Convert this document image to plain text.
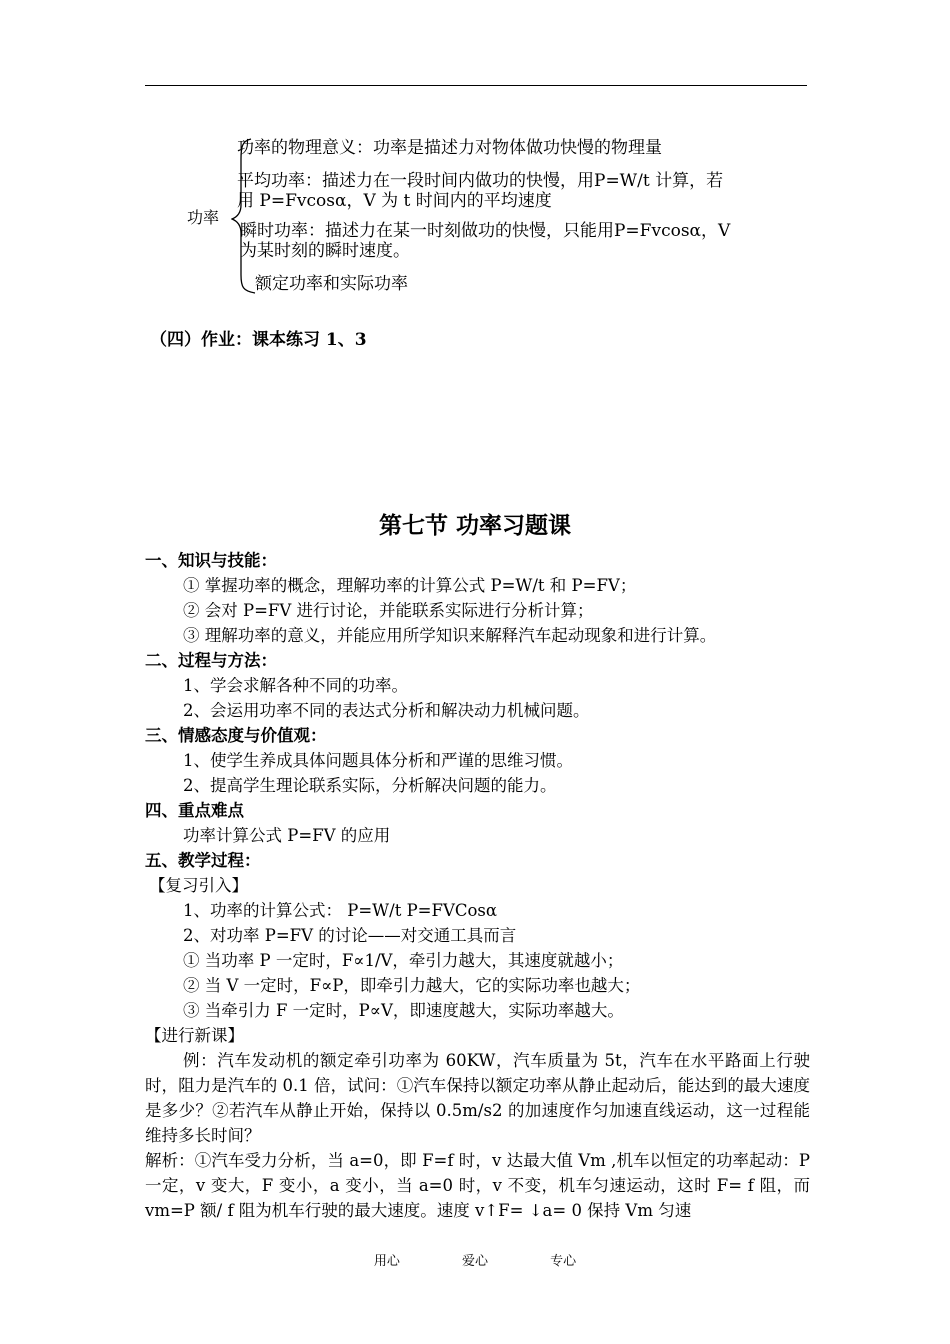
功率
功率的物理意义：功率是描述力对物体做功快慢的物理量
平均功率：描述力在一段时间内做功的快慢，用P=W/t 计算，若
用 P=Fvcosα，V 为 t 时间内的平均速度
瞬时功率：描述力在某一时刻做功的快慢，只能用P=Fvcosα，V
为某时刻的瞬时速度。
额定功率和实际功率
（四）作业：课本练习 1、3
第七节 功率习题课
一、知识与技能：
① 掌握功率的概念，理解功率的计算公式 P=W/t 和 P=FV；
② 会对 P=FV 进行讨论，并能联系实际进行分析计算；
③ 理解功率的意义，并能应用所学知识来解释汽车起动现象和进行计算。
二、过程与方法：
1、学会求解各种不同的功率。
2、会运用功率不同的表达式分析和解决动力机械问题。
三、情感态度与价值观：
1、使学生养成具体问题具体分析和严谨的思维习惯。
2、提高学生理论联系实际，分析解决问题的能力。
四、重点难点
功率计算公式 P=FV 的应用
五、教学过程：
【复习引入】
1、功率的计算公式： P=W/t P=FVCosα
2、对功率 P=FV 的讨论——对交通工具而言
① 当功率 P 一定时，F∝1/V，牵引力越大，其速度就越小；
② 当 V 一定时，F∝P，即牵引力越大，它的实际功率也越大；
③ 当牵引力 F 一定时，P∝V，即速度越大，实际功率越大。
【进行新课】
例：汽车发动机的额定牵引功率为 60KW，汽车质量为 5t，汽车在水平路面上行驶时，阻力是汽车的 0.1 倍，试问：①汽车保持以额定功率从静止起动后，能达到的最大速度是多少？②若汽车从静止开始，保持以 0.5m/s2 的加速度作匀加速直线运动，这一过程能维持多长时间？
解析：①汽车受力分析，当 a=0，即 F=f 时，v 达最大值 Vm ,机车以恒定的功率起动：P 一定，v 变大，F 变小，a 变小，当 a=0 时，v 不变，机车匀速运动，这时 F= f 阻，而 vm=P 额/ f 阻为机车行驶的最大速度。速度 v↑F= ↓a= 0 保持 Vm 匀速
用心	爱心	专心
